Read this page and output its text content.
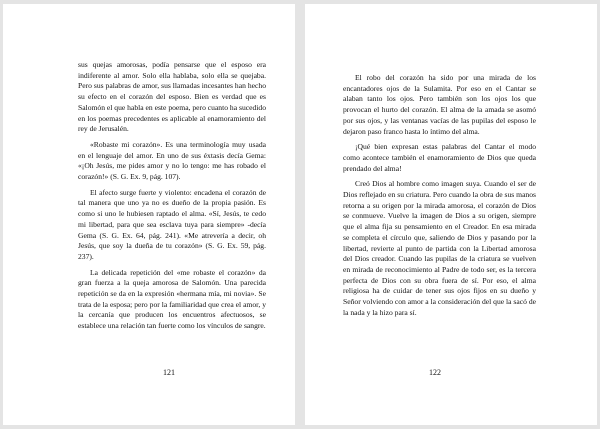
sus quejas amorosas, podía pensarse que el esposo era indiferente al amor. Solo ella hablaba, solo ella se quejaba. Pero sus palabras de amor, sus llamadas incesantes han hecho su efecto en el corazón del esposo. Bien es verdad que es Salomón el que habla en este poema, pero cuanto ha sucedido en los poemas precedentes es aplicable al enamoramiento del rey de Jerusalén.

«Robaste mi corazón». Es una terminología muy usada en el lenguaje del amor. En uno de sus éxtasis decía Gema: «¡Oh Jesús, me pides amor y no lo tengo: me has robado el corazón!» (S. G. Ex. 9, pág. 107).

El afecto surge fuerte y violento: encadena el corazón de tal manera que uno ya no es dueño de la propia pasión. Es como si uno le hubiesen raptado el alma. «Sí, Jesús, te cedo mi libertad, para que sea esclava tuya para siempre» -decía Gema (S. G. Ex. 64, pág. 241). «Me atrevería a decir, oh Jesús, que soy la dueña de tu corazón» (S. G. Ex. 59, pág. 237).

La delicada repetición del «me robaste el corazón» da gran fuerza a la queja amorosa de Salomón. Una parecida repetición se da en la expresión «hermana mía, mi novia». Se trata de la esposa; pero por la familiaridad que crea el amor, y la cercanía que producen los encuentros afectuosos, se establece una relación tan fuerte como los vínculos de sangre.

121

El robo del corazón ha sido por una mirada de los encantadores ojos de la Sulamita. Por eso en el Cantar se alaban tanto los ojos. Pero también son los ojos los que provocan el hurto del corazón. El alma de la amada se asomó por sus ojos, y las ventanas vacías de las pupilas del esposo le dejaron paso franco hasta lo íntimo del alma.

¡Qué bien expresan estas palabras del Cantar el modo como acontece también el enamoramiento de Dios que queda prendado del alma!

Creó Dios al hombre como imagen suya. Cuando el ser de Dios reflejado en su criatura. Pero cuando la obra de sus manos retorna a su origen por la mirada amorosa, el corazón de Dios se conmueve. Vuelve la imagen de Dios a su origen, siempre que el alma fija su pensamiento en el Creador. En esa mirada se completa el círculo que, saliendo de Dios y pasando por la libertad, revierte al punto de partida con la Libertad amorosa del Dios creador. Cuando las pupilas de la criatura se vuelven en mirada de reconocimiento al Padre de todo ser, es la tercera perfecta de Dios con su obra fuera de sí. Por eso, el alma religiosa ha de cuidar de tener sus ojos fijos en su dueño y Señor volviendo con amor a la consideración del que la sacó de la nada y la hizo para sí.

122
